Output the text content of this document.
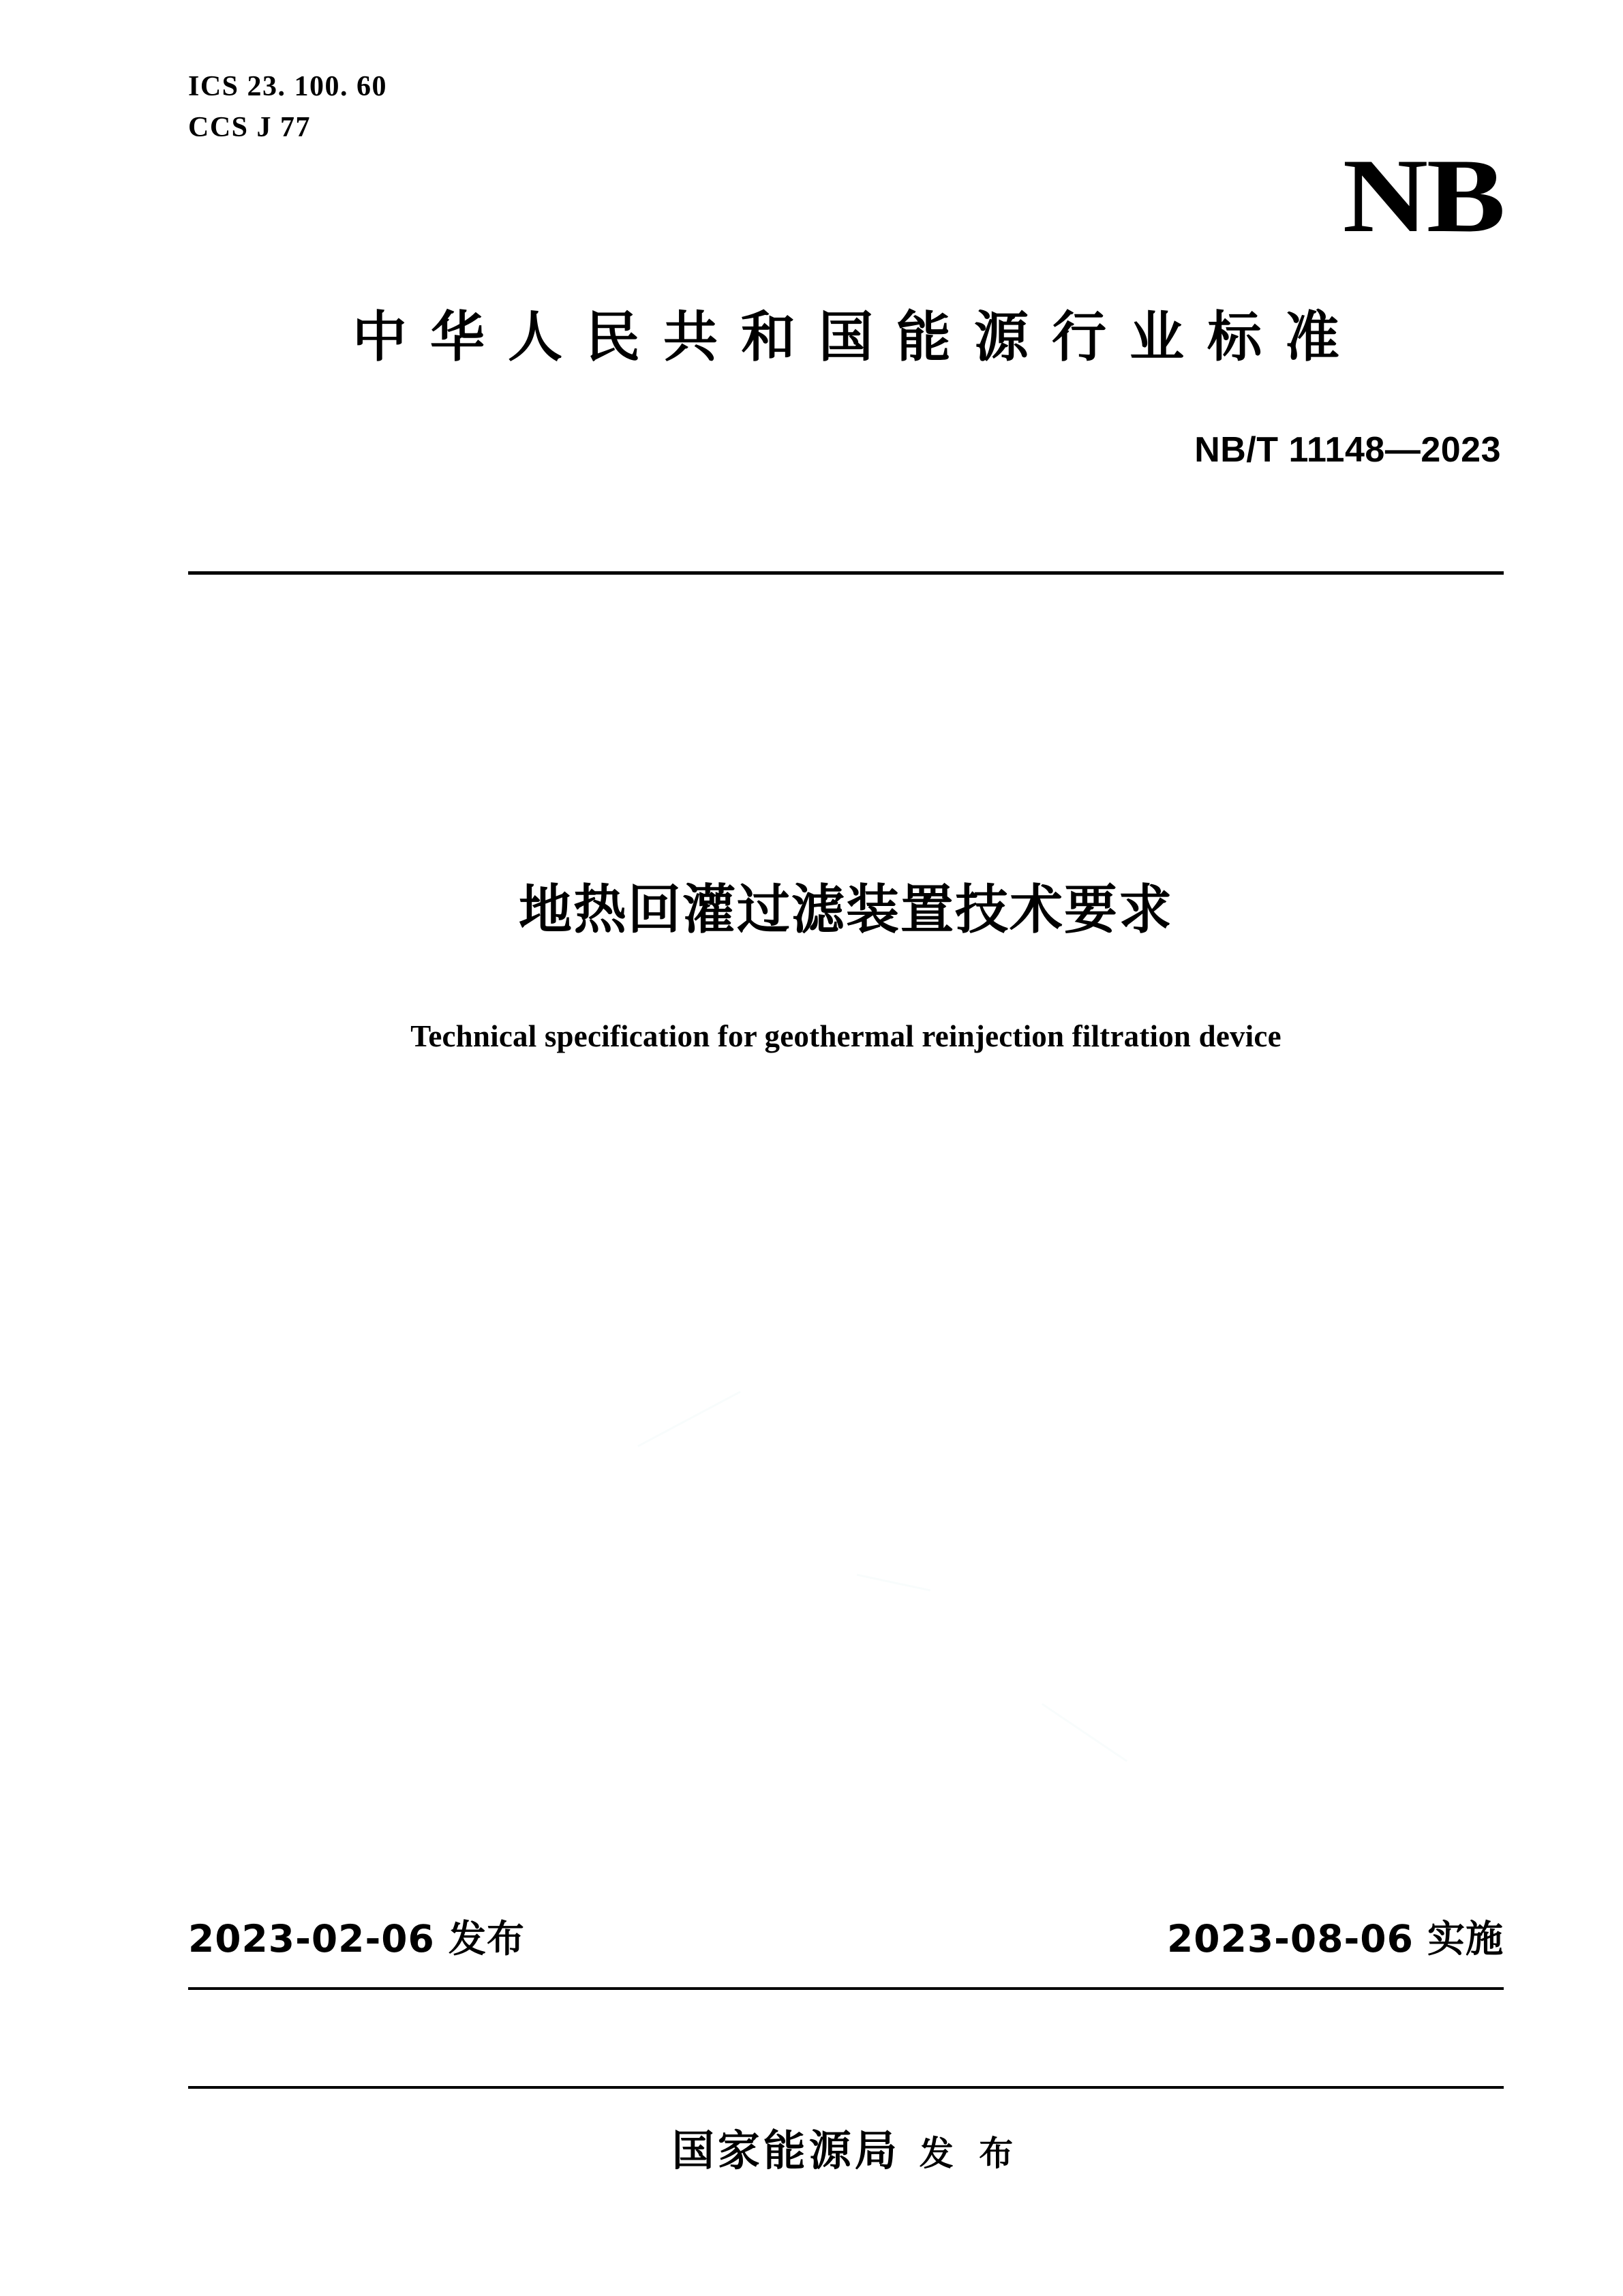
ICS 23. 100. 60
CCS J 77
NB
中华人民共和国能源行业标准
NB/T 11148—2023
地热回灌过滤装置技术要求
Technical specification for geothermal reinjection filtration device
2023-02-06 发布	2023-08-06 实施
国家能源局 发 布
